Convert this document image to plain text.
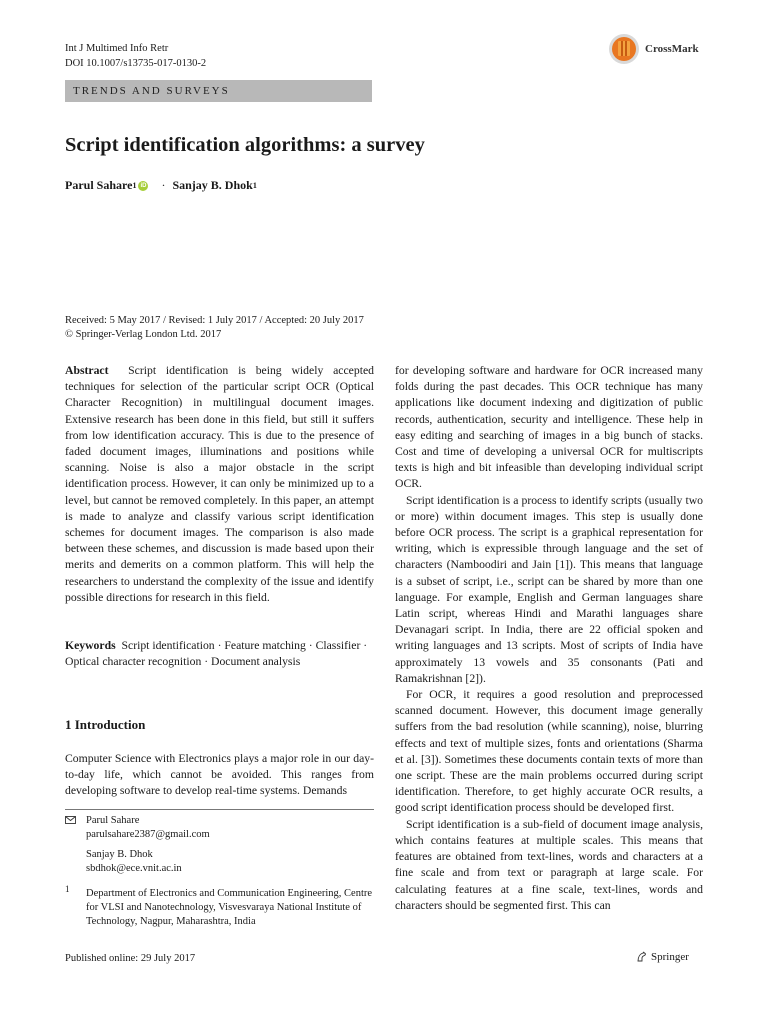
Int J Multimed Info Retr
DOI 10.1007/s13735-017-0130-2
CrossMark
TRENDS AND SURVEYS
Script identification algorithms: a survey
Parul Sahare 1 iD · Sanjay B. Dhok 1
Received: 5 May 2017 / Revised: 1 July 2017 / Accepted: 20 July 2017
© Springer-Verlag London Ltd. 2017

Abstract Script identification is being widely accepted techniques for selection of the particular script OCR (Optical Character Recognition) in multilingual document images. Extensive research has been done in this field, but still it suffers from low identification accuracy. This is due to the presence of faded document images, illuminations and positions while scanning. Noise is also a major obstacle in the script identification process. However, it can only be minimized up to a level, but cannot be removed completely. In this paper, an attempt is made to analyze and classify various script identification schemes for document images. The comparison is also made between these schemes, and discussion is made based upon their merits and demerits on a common platform. This will help the researchers to understand the complexity of the issue and identify possible directions for research in this field.

Keywords Script identification · Feature matching · Classifier · Optical character recognition · Document analysis
1 Introduction

Computer Science with Electronics plays a major role in our day-to-day life, which cannot be avoided. This ranges from developing software to develop real-time systems. Demands

Parul Sahare
parulsahare2387@gmail.com
Sanjay B. Dhok
sbdhok@ece.vnit.ac.in
1 Department of Electronics and Communication Engineering, Centre for VLSI and Nanotechnology, Visvesvaraya National Institute of Technology, Nagpur, Maharashtra, India

for developing software and hardware for OCR increased many folds during the past decades. This OCR technique has many applications like document indexing and digitization of public records, authentication, security and intelligence. These help in easy editing and searching of images in a big bunch of stacks. Cost and time of developing a universal OCR for multiscripts texts is high and bit infeasible than developing individual script OCR.

Script identification is a process to identify scripts (usually two or more) within document images. This step is usually done before OCR process. The script is a graphical representation for writing, which is expressible through language and the set of characters (Namboodiri and Jain [1]). This means that language is a subset of script, i.e., script can be shared by more than one language. For example, English and German languages share Latin script, whereas Hindi and Marathi languages share Devanagari script. In India, there are 22 official spoken and writing languages and 13 scripts. Most of scripts of India have approximately 13 vowels and 35 consonants (Pati and Ramakrishnan [2]).

For OCR, it requires a good resolution and preprocessed scanned document. However, this document image generally suffers from the bad resolution (while scanning), noise, blurring effects and text of multiple sizes, fonts and orientations (Sharma et al. [3]). Sometimes these documents contain texts of more than one script. These are the main problems occurred during script identification. Therefore, to get highly accurate OCR results, a good script identification process should be developed first.

Script identification is a sub-field of document image analysis, which contains features at multiple scales. This means that features are obtained from text-lines, words and characters at a fine scale and from text or paragraph at large scale. For calculating features at a fine scale, text-lines, words and characters should be segmented first. This can

Published online: 29 July 2017	Springer
